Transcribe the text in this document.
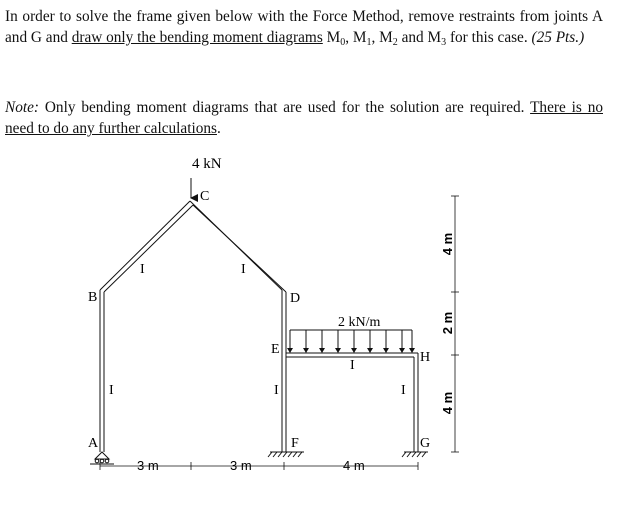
In order to solve the frame given below with the Force Method, remove restraints from joints A and G and draw only the bending moment diagrams $M_0$, $M_1$, $M_2$ and $M_3$ for this case. (25 Pts.)

Note: Only bending moment diagrams that are used for the solution are required. There is no need to do any further calculations.

4 kN
2 kN/m
B
C
D
E
H
A	F	G
I	I
I	I
I
I
3 m	3 m	4 m
4 m
2 m
4 m
